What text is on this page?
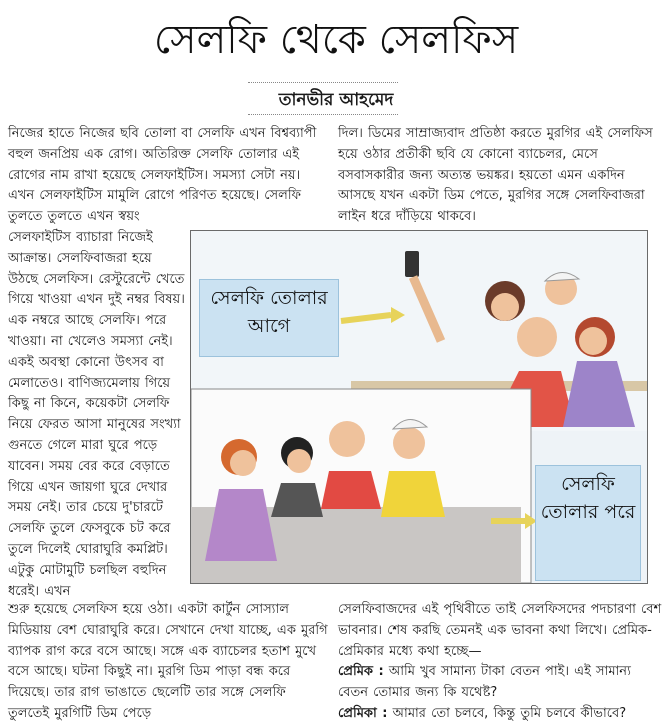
সেলফি থেকে সেলফিস
তানভীর আহমেদ

নিজের হাতে নিজের ছবি তোলা বা সেলফি এখন বিশ্বব্যাপী বহুল জনপ্রিয় এক রোগ। অতিরিক্ত সেলফি তোলার এই রোগের নাম রাখা হয়েছে সেলফাইটিস। সমস্যা সেটা নয়। এখন সেলফাইটিস মামুলি রোগে পরিণত হয়েছে। সেলফি তুলতে তুলতে এখন স্বয়ং

সেলফাইটিস ব্যাচারা নিজেই আক্রান্ত। সেলফিবাজরা হয়ে উঠছে সেলফিস। রেস্টুরেন্টে খেতে গিয়ে খাওয়া এখন দুই নম্বর বিষয়। এক নম্বরে আছে সেলফি। পরে খাওয়া। না খেলেও সমস্যা নেই। একই অবস্থা কোনো উৎসব বা মেলাতেও। বাণিজ্যমেলায় গিয়ে কিছু না কিনে, কয়েকটা সেলফি নিয়ে ফেরত আসা মানুষের সংখ্যা গুনতে গেলে মারা ঘুরে পড়ে যাবেন। সময় বের করে বেড়াতে গিয়ে এখন জায়গা ঘুরে দেখার সময় নেই। তার চেয়ে দু'চারটে সেলফি তুলে ফেসবুকে চট করে তুলে দিলেই ঘোরাঘুরি কমপ্লিট। এটুকু মোটামুটি চলছিল বহুদিন ধরেই। এখন

দিল। ডিমের সাম্রাজ্যবাদ প্রতিষ্ঠা করতে মুরগির এই সেলফিস হয়ে ওঠার প্রতীকী ছবি যে কোনো ব্যাচেলর, মেসে বসবাসকারীর জন্য অত্যন্ত ভয়ঙ্কর। হয়তো এমন একদিন আসছে যখন একটা ডিম পেতে, মুরগির সঙ্গে সেলফিবাজরা লাইন ধরে দাঁড়িয়ে থাকবে।

সেলফি তোলার আগে
সেলফি তোলার পরে

শুরু হয়েছে সেলফিস হয়ে ওঠা। একটা কার্টুন সোস্যাল মিডিয়ায় বেশ ঘোরাঘুরি করে। সেখানে দেখা যাচ্ছে, এক মুরগি ব্যাপক রাগ করে বসে আছে। সঙ্গে এক ব্যাচেলর হতাশ মুখে বসে আছে। ঘটনা কিছুই না। মুরগি ডিম পাড়া বন্ধ করে দিয়েছে। তার রাগ ভাঙাতে ছেলেটি তার সঙ্গে সেলফি তুলতেই মুরগিটি ডিম পেড়ে

সেলফিবাজদের এই পৃথিবীতে তাই সেলফিসদের পদচারণা বেশ ভাবনার। শেষ করছি তেমনই এক ভাবনা কথা লিখে। প্রেমিক-প্রেমিকার মধ্যে কথা হচ্ছে—

প্রেমিক : আমি খুব সামান্য টাকা বেতন পাই। এই সামান্য বেতন তোমার জন্য কি যথেষ্ট?

প্রেমিকা : আমার তো চলবে, কিন্তু তুমি চলবে কীভাবে?
